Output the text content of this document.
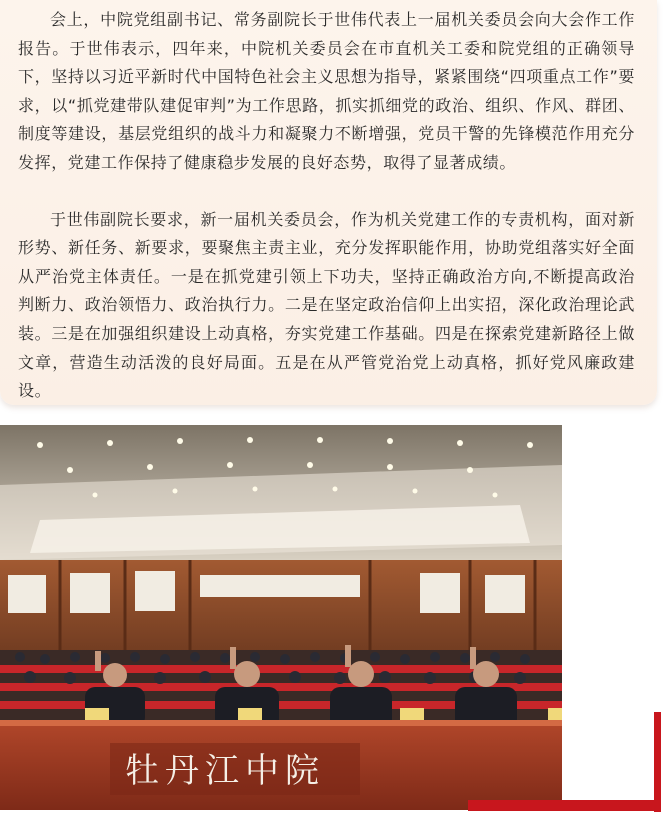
会上，中院党组副书记、常务副院长于世伟代表上一届机关委员会向大会作工作报告。于世伟表示，四年来，中院机关委员会在市直机关工委和院党组的正确领导下，坚持以习近平新时代中国特色社会主义思想为指导，紧紧围绕“四项重点工作”要求，以“抓党建带队建促审判”为工作思路，抓实抓细党的政治、组织、作风、群团、制度等建设，基层党组织的战斗力和凝聚力不断增强，党员干警的先锋模范作用充分发挥，党建工作保持了健康稳步发展的良好态势，取得了显著成绩。

于世伟副院长要求，新一届机关委员会，作为机关党建工作的专责机构，面对新形势、新任务、新要求，要聚焦主责主业，充分发挥职能作用，协助党组落实好全面从严治党主体责任。一是在抓党建引领上下功夫，坚持正确政治方向,不断提高政治判断力、政治领悟力、政治执行力。二是在坚定政治信仰上出实招，深化政治理论武装。三是在加强组织建设上动真格，夯实党建工作基础。四是在探索党建新路径上做文章，营造生动活泼的良好局面。五是在从严管党治党上动真格，抓好党风廉政建设。

牡丹江中院
